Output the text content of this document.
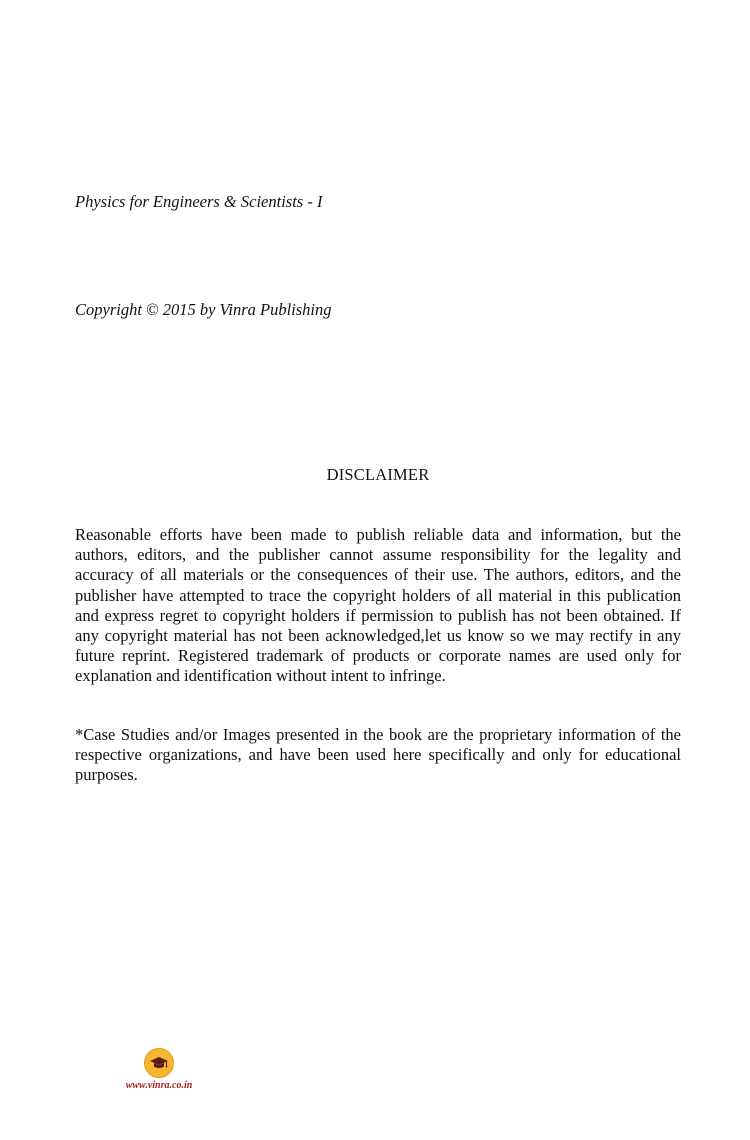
Physics for Engineers & Scientists - I
Copyright © 2015 by Vinra Publishing
DISCLAIMER
Reasonable efforts have been made to publish reliable data and information, but the authors, editors, and the publisher cannot assume responsibility for the legality and accuracy of all materials or the consequences of their use. The authors, editors, and the publisher have attempted to trace the copyright holders of all material in this publication and express regret to copyright holders if permission to publish has not been obtained. If any copyright material has not been acknowledged,let us know so we may rectify in any future reprint. Registered trademark of products or corporate names are used only for explanation and identification without intent to infringe.
*Case Studies and/or Images presented in the book are the proprietary information of the respective organizations, and have been used here specifically and only for educational purposes.
www.vinra.co.in
